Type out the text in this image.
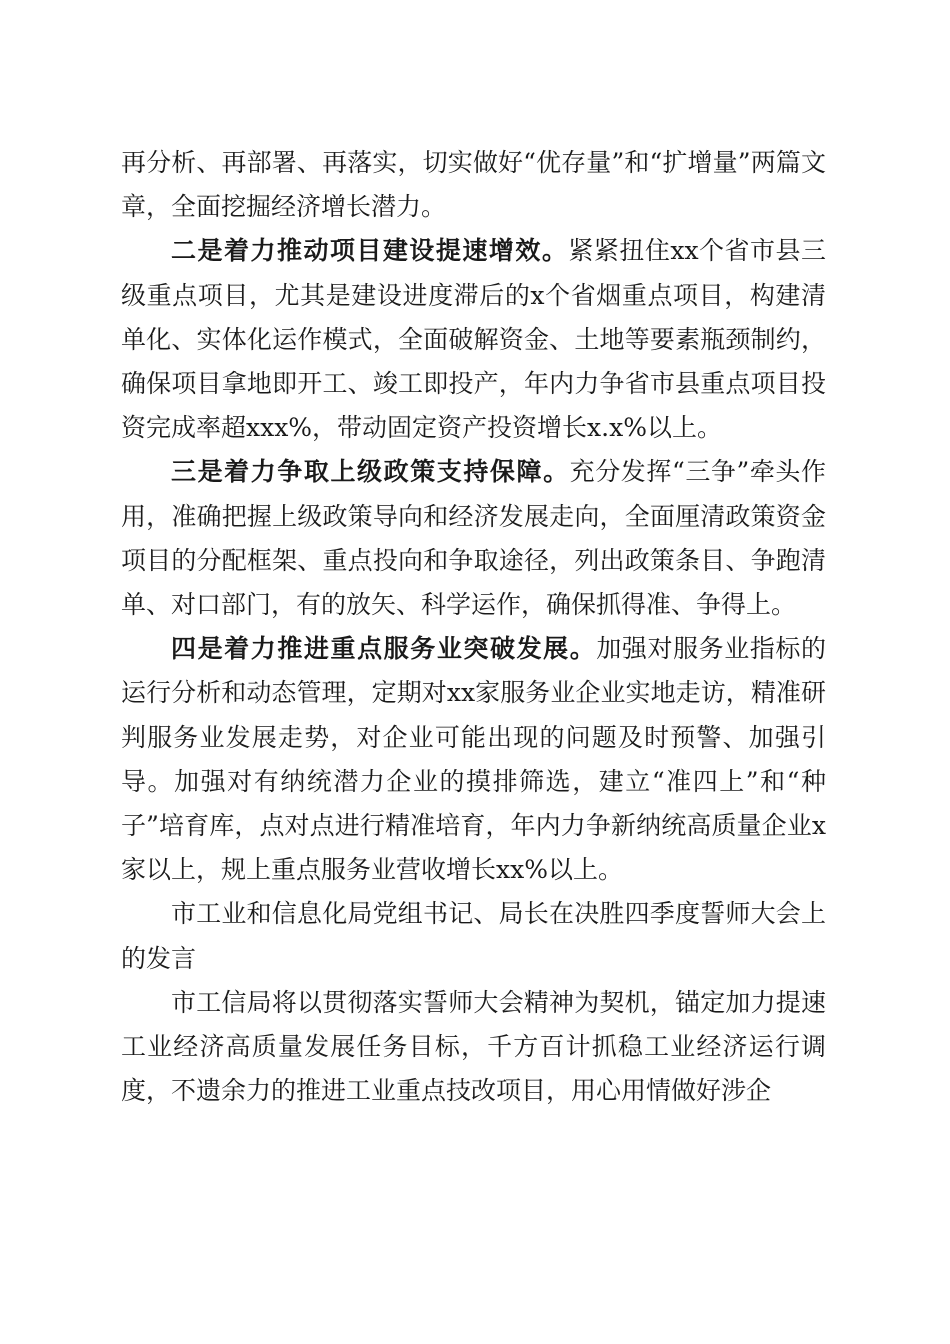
再分析、再部署、再落实，切实做好“优存量”和“扩增量”两篇文章，全面挖掘经济增长潜力。

二是着力推动项目建设提速增效。紧紧扭住xx个省市县三级重点项目，尤其是建设进度滞后的x个省烟重点项目，构建清单化、实体化运作模式，全面破解资金、土地等要素瓶颈制约，确保项目拿地即开工、竣工即投产，年内力争省市县重点项目投资完成率超xxx%，带动固定资产投资增长x.x%以上。

三是着力争取上级政策支持保障。充分发挥“三争”牵头作用，准确把握上级政策导向和经济发展走向，全面厘清政策资金项目的分配框架、重点投向和争取途径，列出政策条目、争跑清单、对口部门，有的放矢、科学运作，确保抓得准、争得上。

四是着力推进重点服务业突破发展。加强对服务业指标的运行分析和动态管理，定期对xx家服务业企业实地走访，精准研判服务业发展走势，对企业可能出现的问题及时预警、加强引导。加强对有纳统潜力企业的摸排筛选，建立“准四上”和“种子”培育库，点对点进行精准培育，年内力争新纳统高质量企业x家以上，规上重点服务业营收增长xx%以上。

市工业和信息化局党组书记、局长在决胜四季度誓师大会上的发言

市工信局将以贯彻落实誓师大会精神为契机，锚定加力提速工业经济高质量发展任务目标，千方百计抓稳工业经济运行调度，不遗余力的推进工业重点技改项目，用心用情做好涉企
